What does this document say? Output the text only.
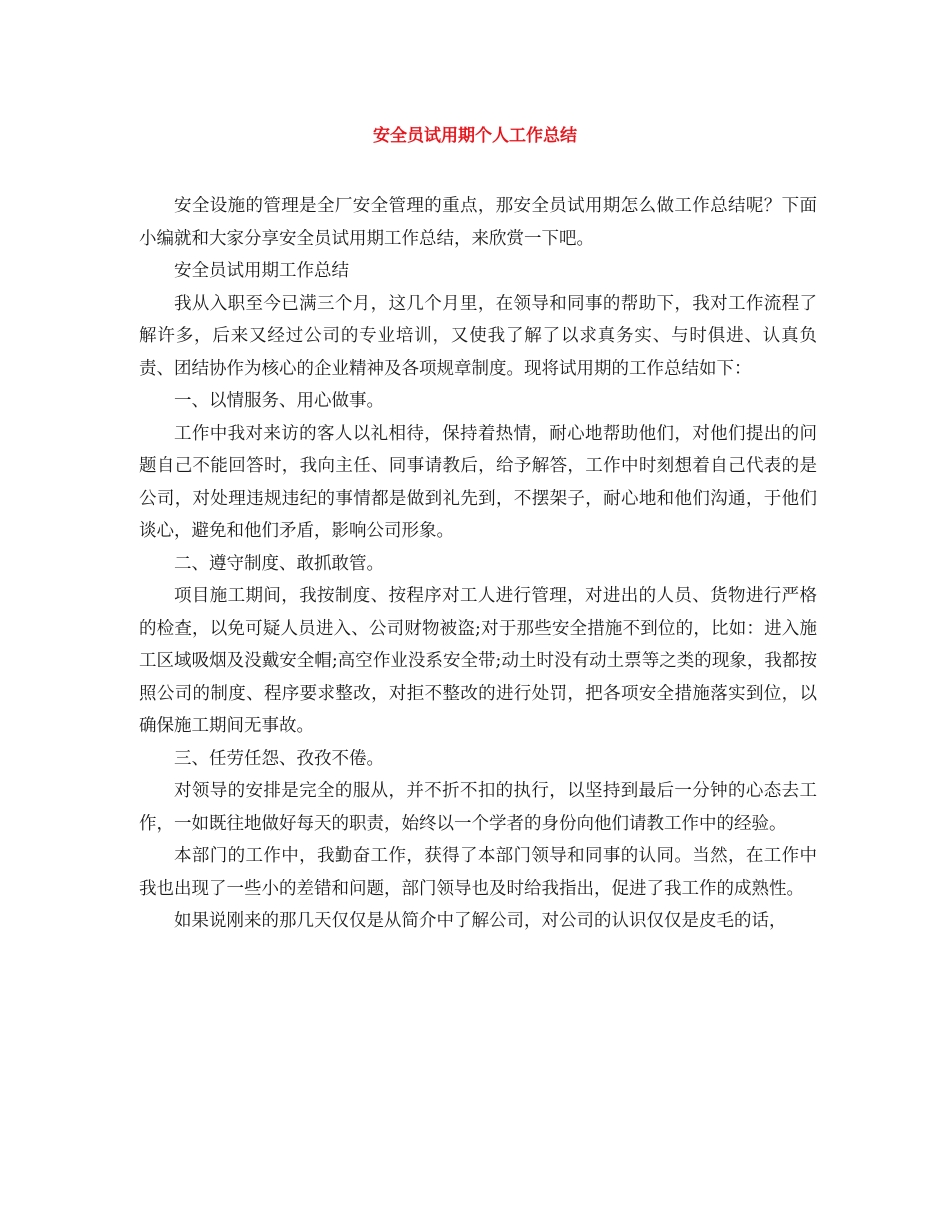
安全员试用期个人工作总结

安全设施的管理是全厂安全管理的重点，那安全员试用期怎么做工作总结呢？下面小编就和大家分享安全员试用期工作总结，来欣赏一下吧。

安全员试用期工作总结

我从入职至今已满三个月，这几个月里，在领导和同事的帮助下，我对工作流程了解许多，后来又经过公司的专业培训，又使我了解了以求真务实、与时俱进、认真负责、团结协作为核心的企业精神及各项规章制度。现将试用期的工作总结如下：

一、以情服务、用心做事。

工作中我对来访的客人以礼相待，保持着热情，耐心地帮助他们，对他们提出的问题自己不能回答时，我向主任、同事请教后，给予解答，工作中时刻想着自己代表的是公司，对处理违规违纪的事情都是做到礼先到，不摆架子，耐心地和他们沟通，于他们谈心，避免和他们矛盾，影响公司形象。

二、遵守制度、敢抓敢管。

项目施工期间，我按制度、按程序对工人进行管理，对进出的人员、货物进行严格的检查，以免可疑人员进入、公司财物被盗;对于那些安全措施不到位的，比如：进入施工区域吸烟及没戴安全帽;高空作业没系安全带;动土时没有动土票等之类的现象，我都按照公司的制度、程序要求整改，对拒不整改的进行处罚，把各项安全措施落实到位，以确保施工期间无事故。

三、任劳任怨、孜孜不倦。

对领导的安排是完全的服从，并不折不扣的执行，以坚持到最后一分钟的心态去工作，一如既往地做好每天的职责，始终以一个学者的身份向他们请教工作中的经验。

本部门的工作中，我勤奋工作，获得了本部门领导和同事的认同。当然，在工作中我也出现了一些小的差错和问题，部门领导也及时给我指出，促进了我工作的成熟性。

如果说刚来的那几天仅仅是从简介中了解公司，对公司的认识仅仅是皮毛的话，
